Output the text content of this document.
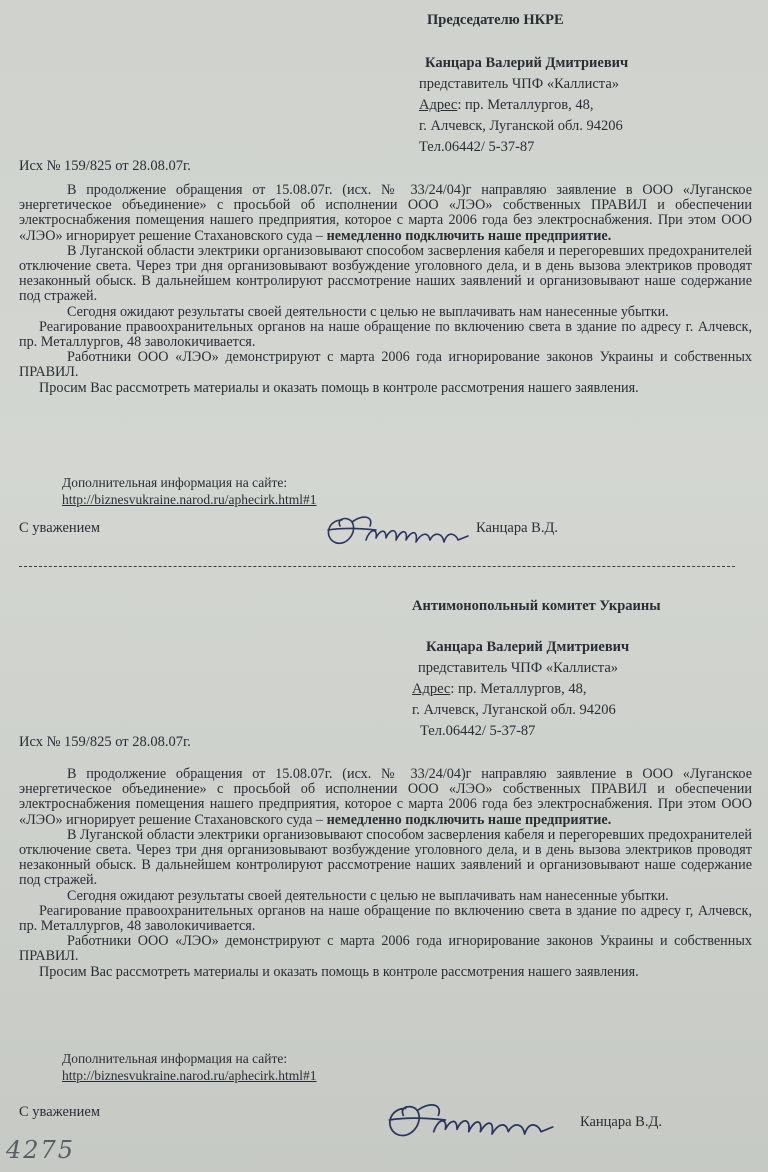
Председателю НКРЕ
Канцара Валерий Дмитриевич
представитель ЧПФ «Каллиста»
Адрес: пр. Металлургов, 48,
г. Алчевск, Луганской обл. 94206
Тел.06442/ 5-37-87
Исх № 159/825 от 28.08.07г.

В продолжение обращения от 15.08.07г. (исх. № 33/24/04)г направляю заявление в ООО «Луганское энергетическое объединение» с просьбой об исполнении ООО «ЛЭО» собственных ПРАВИЛ и обеспечении электроснабжения помещения нашего предприятия, которое с марта 2006 года без электроснабжения. При этом ООО «ЛЭО» игнорирует решение Стахановского суда – немедленно подключить наше предприятие.

В Луганской области электрики организовывают способом засверления кабеля и перегоревших предохранителей отключение света. Через три дня организовывают возбуждение уголовного дела, и в день вызова электриков проводят незаконный обыск. В дальнейшем контролируют рассмотрение наших заявлений и организовывают наше содержание под стражей.

Сегодня ожидают результаты своей деятельности с целью не выплачивать нам нанесенные убытки.

Реагирование правоохранительных органов на наше обращение по включению света в здание по адресу г. Алчевск, пр. Металлургов, 48 заволокичивается.

Работники ООО «ЛЭО» демонстрируют с марта 2006 года игнорирование законов Украины и собственных ПРАВИЛ.

Просим Вас рассмотреть материалы и оказать помощь в контроле рассмотрения нашего заявления.

Дополнительная информация на сайте:
http://biznesvukraine.narod.ru/aphecirk.html#1
С уважением	Канцара В.Д.
Антимонопольный комитет Украины
Канцара Валерий Дмитриевич
представитель ЧПФ «Каллиста»
Адрес: пр. Металлургов, 48,
г. Алчевск, Луганской обл. 94206
Тел.06442/ 5-37-87
Исх № 159/825 от 28.08.07г.

В продолжение обращения от 15.08.07г. (исх. № 33/24/04)г направляю заявление в ООО «Луганское энергетическое объединение» с просьбой об исполнении ООО «ЛЭО» собственных ПРАВИЛ и обеспечении электроснабжения помещения нашего предприятия, которое с марта 2006 года без электроснабжения. При этом ООО «ЛЭО» игнорирует решение Стахановского суда – немедленно подключить наше предприятие.

В Луганской области электрики организовывают способом засверления кабеля и перегоревших предохранителей отключение света. Через три дня организовывают возбуждение уголовного дела, и в день вызова электриков проводят незаконный обыск. В дальнейшем контролируют рассмотрение наших заявлений и организовывают наше содержание под стражей.

Сегодня ожидают результаты своей деятельности с целью не выплачивать нам нанесенные убытки.

Реагирование правоохранительных органов на наше обращение по включению света в здание по адресу г, Алчевск, пр. Металлургов, 48 заволокичивается.

Работники ООО «ЛЭО» демонстрируют с марта 2006 года игнорирование законов Украины и собственных ПРАВИЛ.

Просим Вас рассмотреть материалы и оказать помощь в контроле рассмотрения нашего заявления.

Дополнительная информация на сайте:
http://biznesvukraine.narod.ru/aphecirk.html#1
С уважением
Канцара В.Д.
4275
